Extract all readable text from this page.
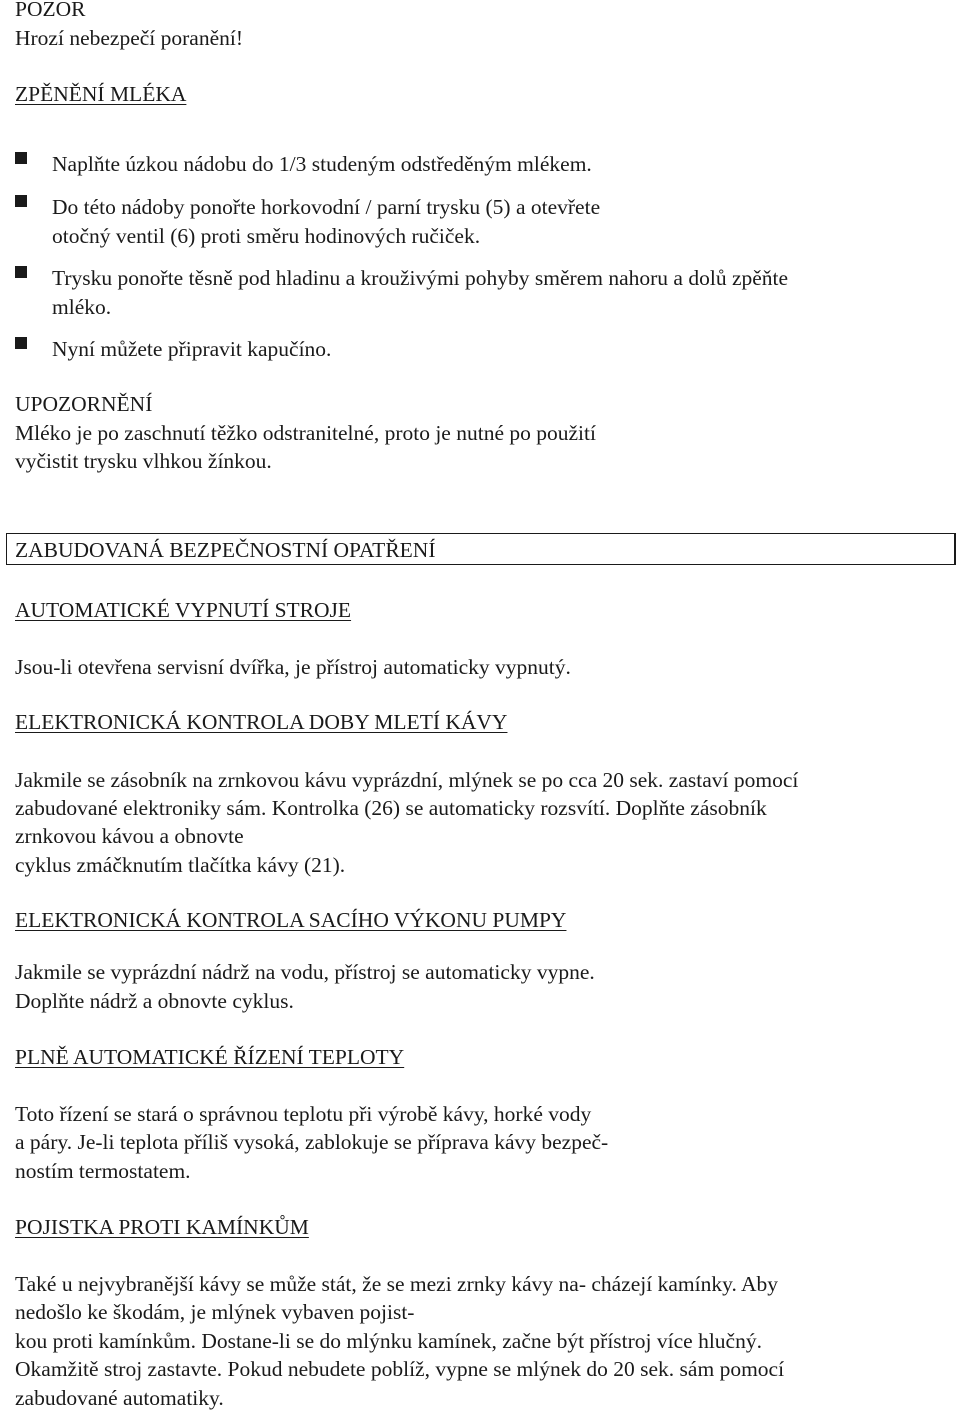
POZOR
Hrozí nebezpečí poranění!
ZPĚNĚNÍ MLÉKA
Naplňte úzkou nádobu do 1/3 studeným odstředěným mlékem.
Do této nádoby ponořte horkovodní / parní trysku (5) a otevřete
otočný ventil (6) proti směru hodinových ručiček.
Trysku ponořte těsně pod hladinu a krouživými pohyby směrem nahoru a dolů zpěňte
mléko.
Nyní můžete připravit kapučíno.
UPOZORNĚNÍ
Mléko je po zaschnutí těžko odstranitelné, proto je nutné po použití
vyčistit trysku vlhkou žínkou.
ZABUDOVANÁ BEZPEČNOSTNÍ OPATŘENÍ
AUTOMATICKÉ VYPNUTÍ STROJE
Jsou-li otevřena servisní dvířka, je přístroj automaticky vypnutý.
ELEKTRONICKÁ KONTROLA DOBY MLETÍ KÁVY
Jakmile se zásobník na zrnkovou kávu vyprázdní, mlýnek se po cca 20 sek. zastaví pomocí
zabudované elektroniky sám. Kontrolka (26) se automaticky rozsvítí. Doplňte zásobník
zrnkovou kávou a obnovte
cyklus zmáčknutím tlačítka kávy (21).
ELEKTRONICKÁ KONTROLA SACÍHO VÝKONU PUMPY
Jakmile se vyprázdní nádrž na vodu, přístroj se automaticky vypne.
Doplňte nádrž a obnovte cyklus.
PLNĚ AUTOMATICKÉ ŘÍZENÍ TEPLOTY
Toto řízení se stará o správnou teplotu při výrobě kávy, horké vody
a páry. Je-li teplota příliš vysoká, zablokuje se příprava kávy bezpeč-
nostím termostatem.
POJISTKA PROTI KAMÍNKŮM
Také u nejvybranější kávy se může stát, že se mezi zrnky kávy na- cházejí kamínky. Aby
nedošlo ke škodám, je mlýnek vybaven pojist-
kou proti kamínkům. Dostane-li se do mlýnku kamínek, začne být přístroj více hlučný.
Okamžitě stroj zastavte. Pokud nebudete poblíž, vypne se mlýnek do 20 sek. sám pomocí
zabudované automatiky.
